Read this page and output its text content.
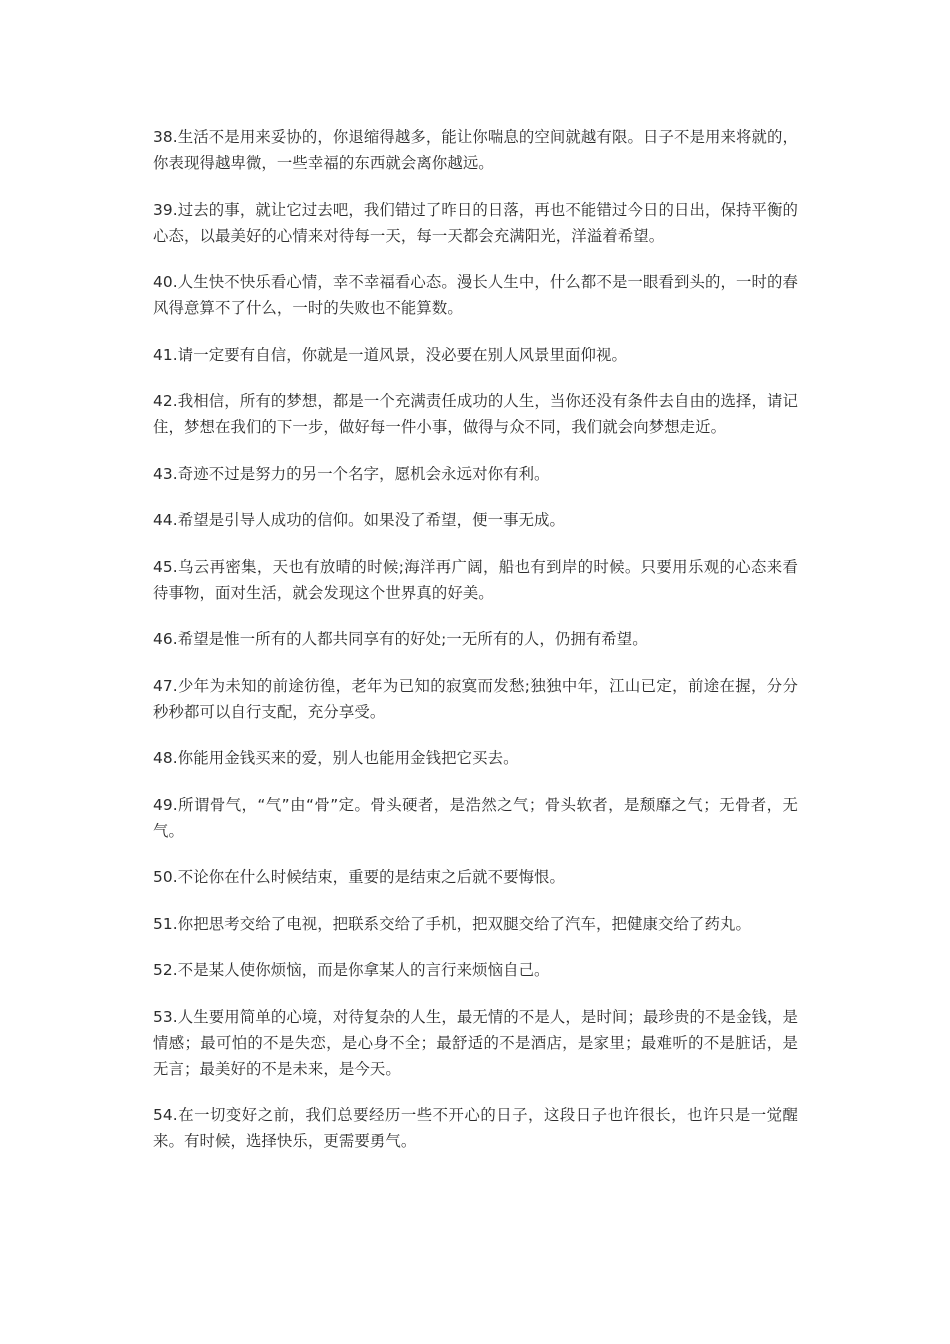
38.生活不是用来妥协的，你退缩得越多，能让你喘息的空间就越有限。日子不是用来将就的，你表现得越卑微，一些幸福的东西就会离你越远。

39.过去的事，就让它过去吧，我们错过了昨日的日落，再也不能错过今日的日出，保持平衡的心态，以最美好的心情来对待每一天，每一天都会充满阳光，洋溢着希望。

40.人生快不快乐看心情，幸不幸福看心态。漫长人生中，什么都不是一眼看到头的，一时的春风得意算不了什么，一时的失败也不能算数。

41.请一定要有自信，你就是一道风景，没必要在别人风景里面仰视。

42.我相信，所有的梦想，都是一个充满责任成功的人生，当你还没有条件去自由的选择，请记住，梦想在我们的下一步，做好每一件小事，做得与众不同，我们就会向梦想走近。

43.奇迹不过是努力的另一个名字，愿机会永远对你有利。

44.希望是引导人成功的信仰。如果没了希望，便一事无成。

45.乌云再密集，天也有放晴的时候;海洋再广阔，船也有到岸的时候。只要用乐观的心态来看待事物，面对生活，就会发现这个世界真的好美。

46.希望是惟一所有的人都共同享有的好处;一无所有的人，仍拥有希望。

47.少年为未知的前途彷徨，老年为已知的寂寞而发愁;独独中年，江山已定，前途在握，分分秒秒都可以自行支配，充分享受。

48.你能用金钱买来的爱，别人也能用金钱把它买去。

49.所谓骨气，“气”由“骨”定。骨头硬者，是浩然之气；骨头软者，是颓靡之气；无骨者，无气。

50.不论你在什么时候结束，重要的是结束之后就不要悔恨。

51.你把思考交给了电视，把联系交给了手机，把双腿交给了汽车，把健康交给了药丸。

52.不是某人使你烦恼，而是你拿某人的言行来烦恼自己。

53.人生要用简单的心境，对待复杂的人生，最无情的不是人，是时间；最珍贵的不是金钱，是情感；最可怕的不是失恋，是心身不全；最舒适的不是酒店，是家里；最难听的不是脏话，是无言；最美好的不是未来，是今天。

54.在一切变好之前，我们总要经历一些不开心的日子，这段日子也许很长，也许只是一觉醒来。有时候，选择快乐，更需要勇气。
